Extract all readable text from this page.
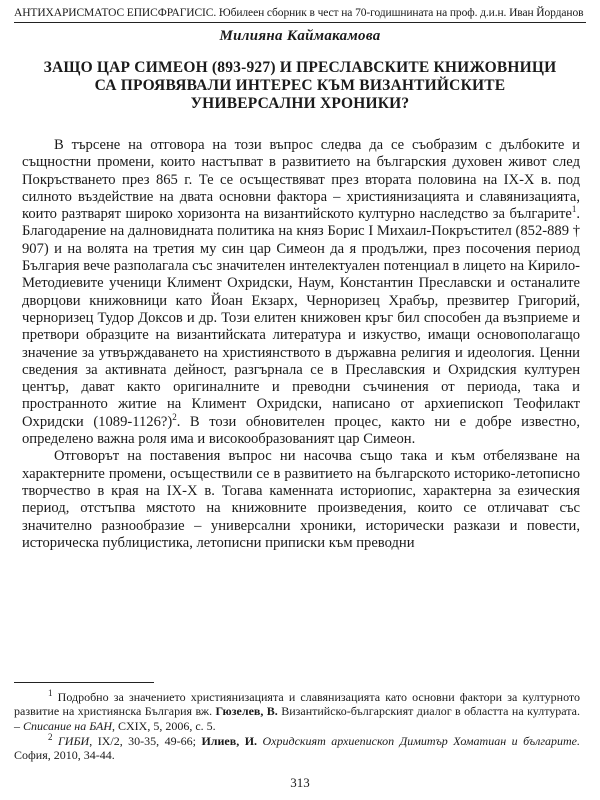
АНТИХАРИСМАТОС ЕПИСФРАГИСІС. Юбилеен сборник в чест на 70-годишнината на проф. д.и.н. Иван Йорданов
Милияна Каймакамова
ЗАЩО ЦАР СИМЕОН (893-927) И ПРЕСЛАВСКИТЕ КНИЖОВНИЦИ СА ПРОЯВЯВАЛИ ИНТЕРЕС КЪМ ВИЗАНТИЙСКИТЕ УНИВЕРСАЛНИ ХРОНИКИ?

В търсене на отговора на този въпрос следва да се съобразим с дълбоките и същностни промени, които настъпват в развитието на българския духовен живот след Покръстването през 865 г. Те се осъществяват през втората половина на IX-X в. под силното въздействие на двата основни фактора – християнизацията и славянизацията, които разтварят широко хоризонта на византийското културно наследство за българите$^1$. Благодарение на далновидната политика на княз Борис I Михаил-Покръстител (852-889 † 907) и на волята на третия му син цар Симеон да я продължи, през посочения период България вече разполагала със значителен интелектуален потенциал в лицето на Кирило-Методиевите ученици Климент Охридски, Наум, Константин Преславски и останалите дворцови книжовници като Йоан Екзарх, Черноризец Храбър, презвитер Григорий, черноризец Тудор Доксов и др. Този елитен книжовен кръг бил способен да възприеме и претвори образците на византийската литература и изкуство, имащи основополагащо значение за утвърждаването на християнството в държавна религия и идеология. Ценни сведения за активната дейност, разгърнала се в Преславския и Охридския културен център, дават както оригиналните и преводни съчинения от периода, така и пространното житие на Климент Охридски, написано от архиепископ Теофилакт Охридски (1089-1126?)$^2$. В този обновителен процес, както ни е добре известно, определено важна роля има и високообразованият цар Симеон.

Отговорът на поставения въпрос ни насочва също така и към отбелязване на характерните промени, осъществили се в развитието на българското историко-летописно творчество в края на IX-X в. Тогава каменната историопис, характерна за езическия период, отстъпва мястото на книжовните произведения, които се отличават със значително разнообразие – универсални хроники, исторически разкази и повести, историческа публицистика, летописни приписки към преводни

$^1$ Подробно за значението християнизацията и славянизацията като основни фактори за културното развитие на християнска България вж. Гюзелев, В. Византийско-българският диалог в областта на културата. – Списание на БАН, CXIX, 5, 2006, с. 5.

$^2$ ГИБИ, IX/2, 30-35, 49-66; Илиев, И. Охридският архиепископ Димитър Хоматиан и българите. София, 2010, 34-44.

313
